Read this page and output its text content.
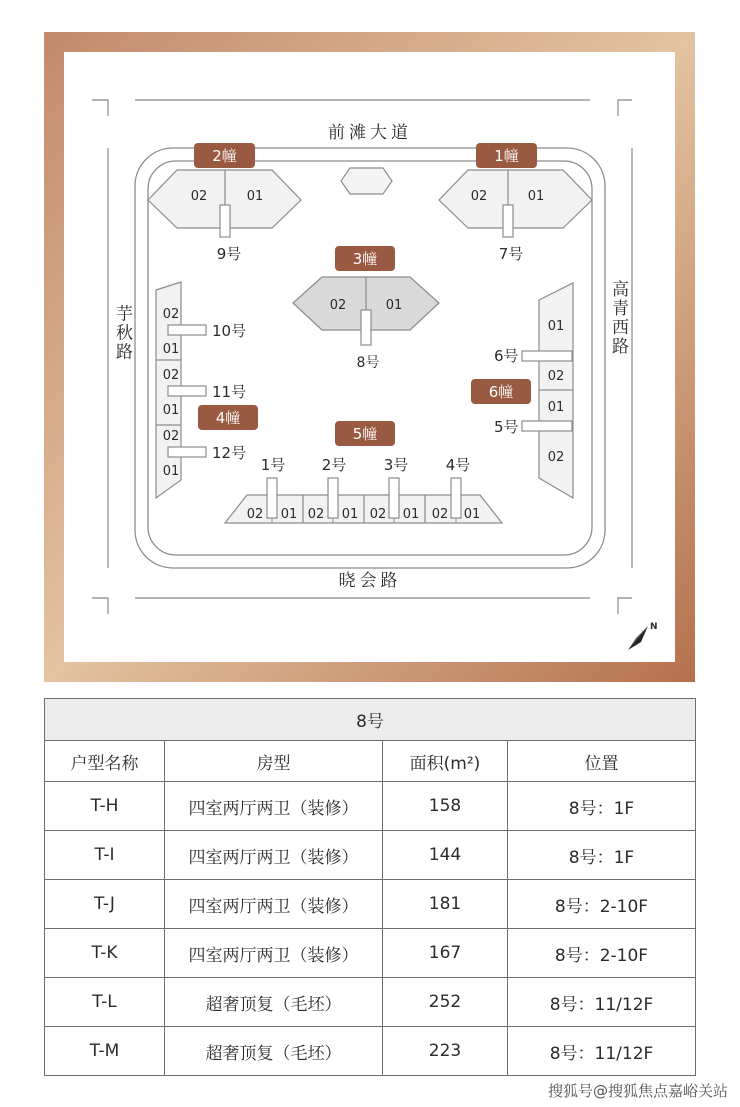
前滩大道
晓会路
芋秋路	高青西路
02	01
2幢
9号
02	01
1幢
7号
02	01
3幢
8号
02
01
02
01
02
01
4幢
10号
11号
12号
01
02
01
02
6幢
6号
5号
02 01 02 01 02 01 02 01
5幢
1号 2号 3号 4号
N
8号			
户型名称	房型	面积(m²)	位置
T-H	四室两厅两卫（装修）	158	8号：1F
T-I	四室两厅两卫（装修）	144	8号：1F
T-J	四室两厅两卫（装修）	181	8号：2-10F
T-K	四室两厅两卫（装修）	167	8号：2-10F
T-L	超奢顶复（毛坯）	252	8号：11/12F
T-M	超奢顶复（毛坯）	223	8号：11/12F
搜狐号@搜狐焦点嘉峪关站
